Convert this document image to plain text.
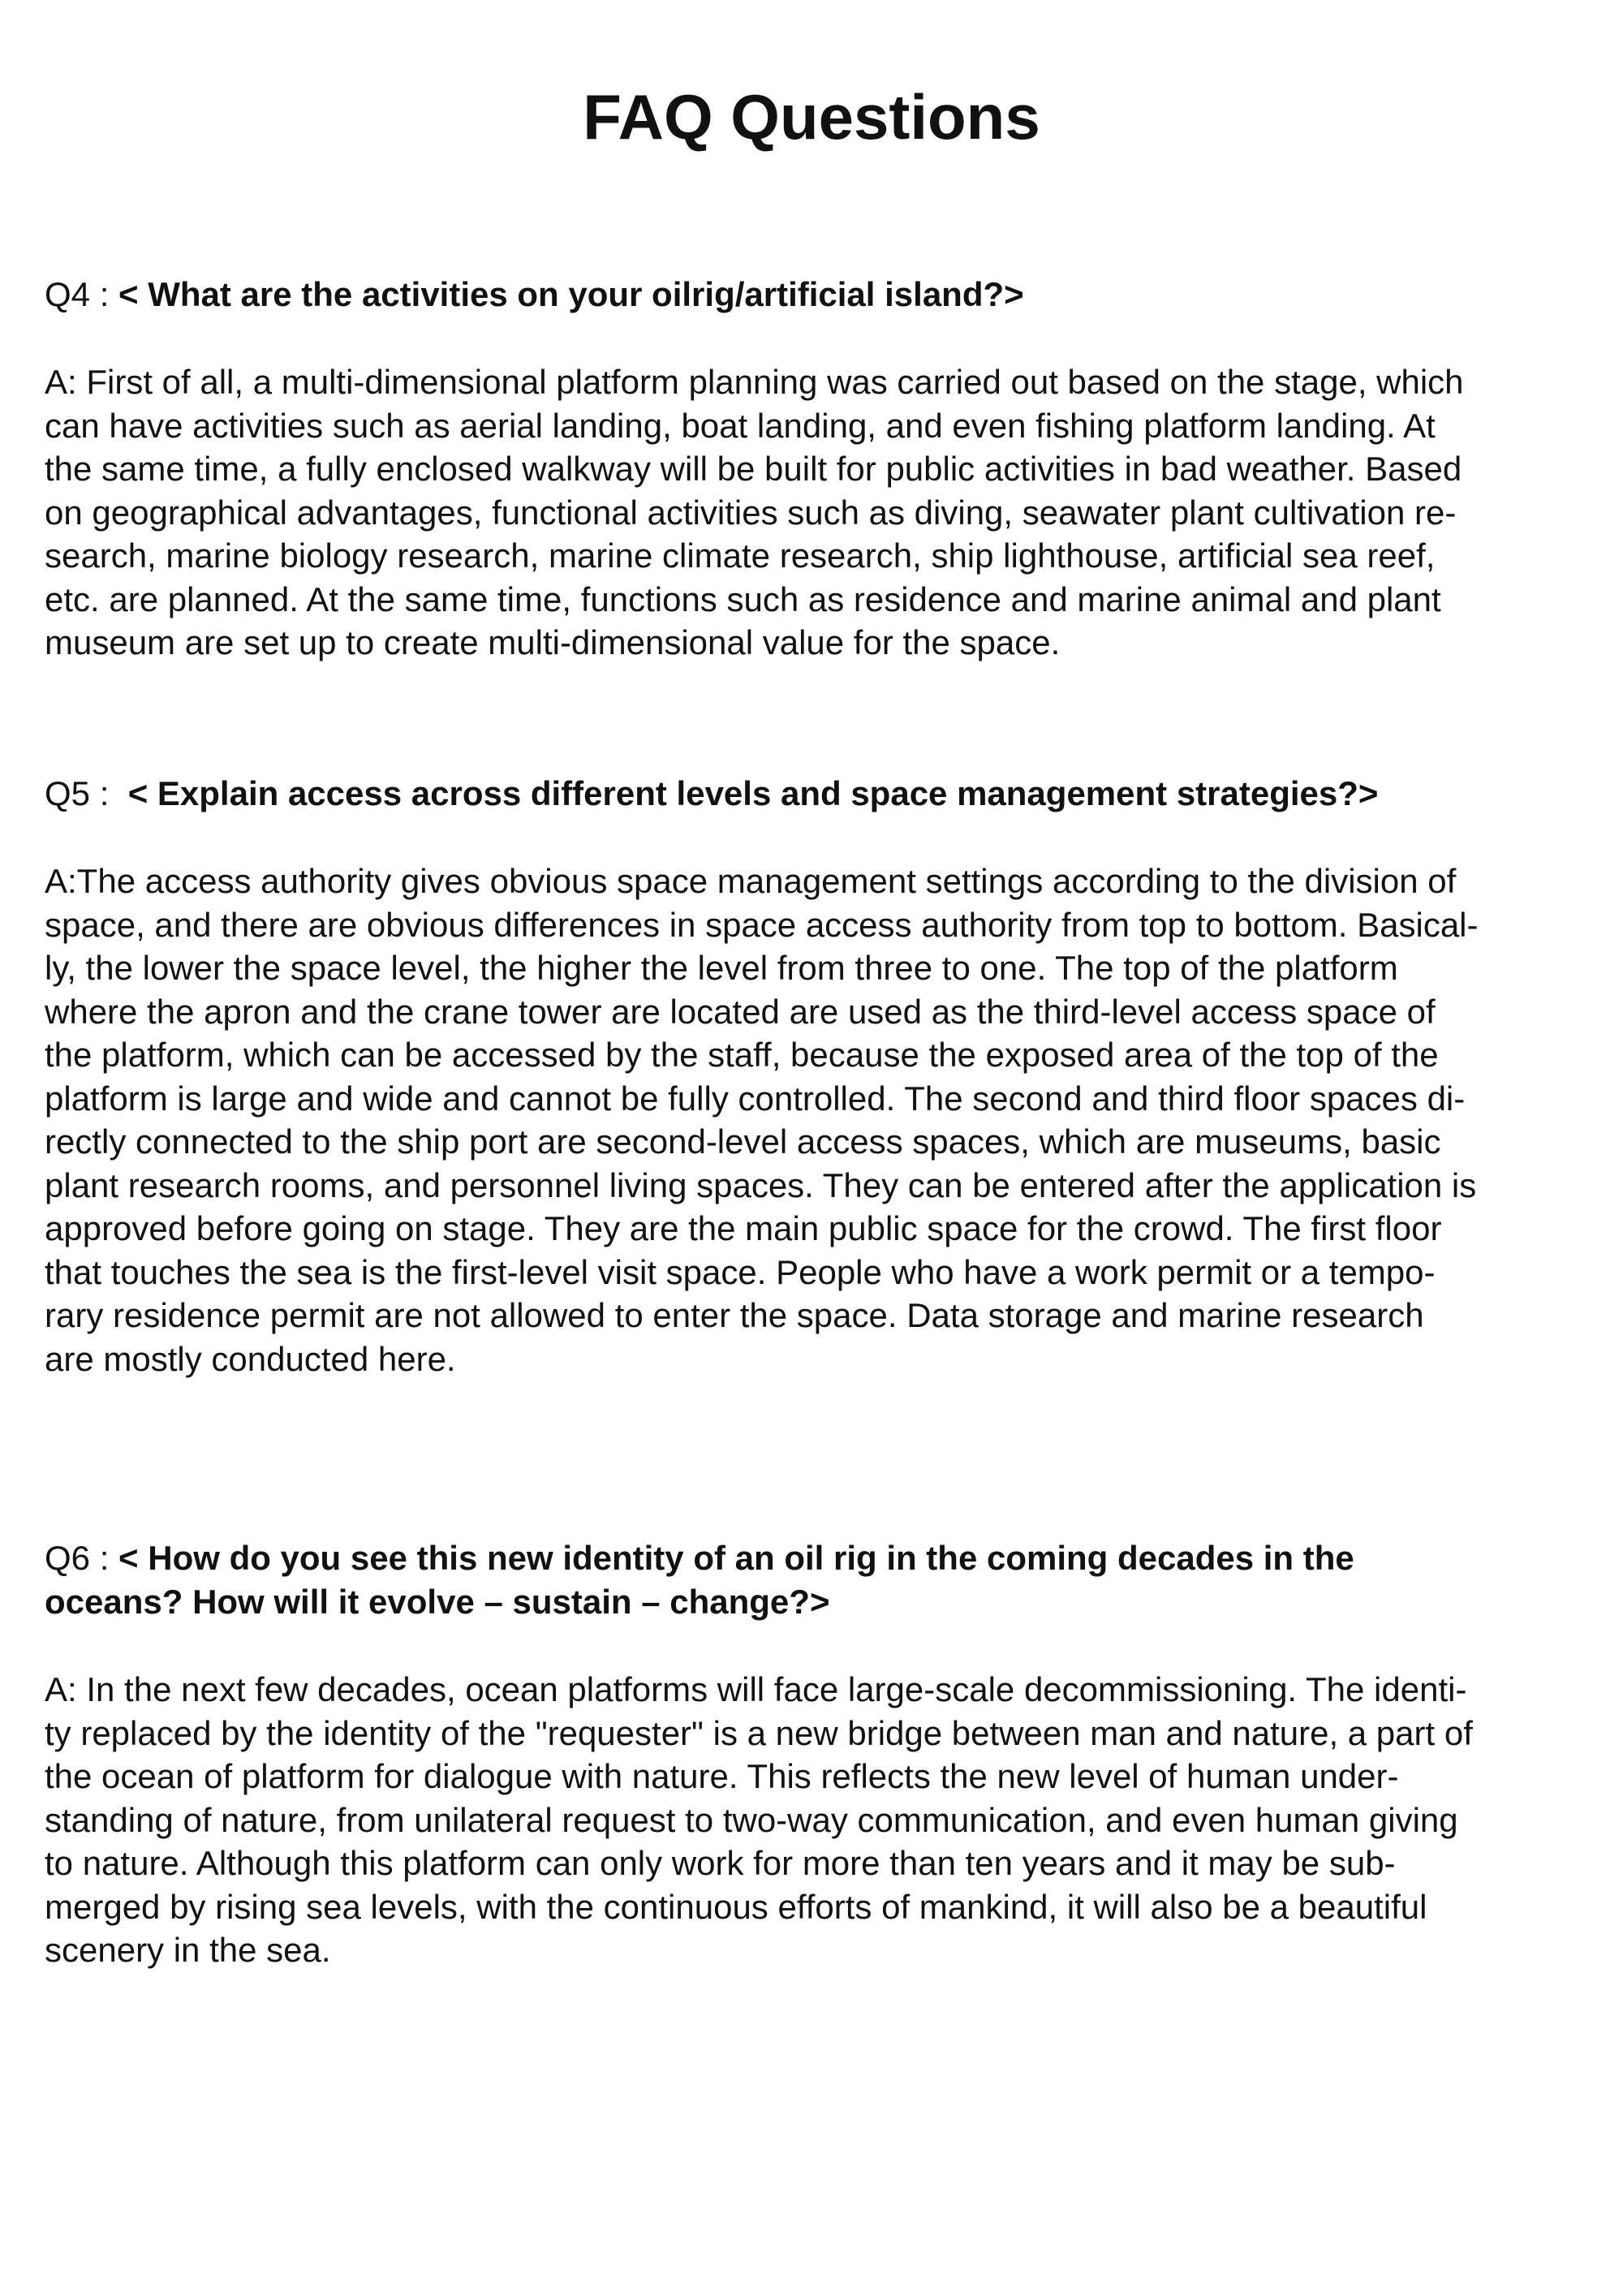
FAQ Questions

Q4 : < What are the activities on your oilrig/artificial island?>

A: First of all, a multi-dimensional platform planning was carried out based on the stage, which
can have activities such as aerial landing, boat landing, and even fishing platform landing. At
the same time, a fully enclosed walkway will be built for public activities in bad weather. Based
on geographical advantages, functional activities such as diving, seawater plant cultivation re-
search, marine biology research, marine climate research, ship lighthouse, artificial sea reef,
etc. are planned. At the same time, functions such as residence and marine animal and plant
museum are set up to create multi-dimensional value for the space.

Q5 :  < Explain access across different levels and space management strategies?>

A:The access authority gives obvious space management settings according to the division of
space, and there are obvious differences in space access authority from top to bottom. Basical-
ly, the lower the space level, the higher the level from three to one. The top of the platform
where the apron and the crane tower are located are used as the third-level access space of
the platform, which can be accessed by the staff, because the exposed area of the top of the
platform is large and wide and cannot be fully controlled. The second and third floor spaces di-
rectly connected to the ship port are second-level access spaces, which are museums, basic
plant research rooms, and personnel living spaces. They can be entered after the application is
approved before going on stage. They are the main public space for the crowd. The first floor
that touches the sea is the first-level visit space. People who have a work permit or a tempo-
rary residence permit are not allowed to enter the space. Data storage and marine research
are mostly conducted here.

Q6 : < How do you see this new identity of an oil rig in the coming decades in the
oceans? How will it evolve – sustain – change?>

A: In the next few decades, ocean platforms will face large-scale decommissioning. The identi-
ty replaced by the identity of the "requester" is a new bridge between man and nature, a part of
the ocean of platform for dialogue with nature. This reflects the new level of human under-
standing of nature, from unilateral request to two-way communication, and even human giving
to nature. Although this platform can only work for more than ten years and it may be sub-
merged by rising sea levels, with the continuous efforts of mankind, it will also be a beautiful
scenery in the sea.
